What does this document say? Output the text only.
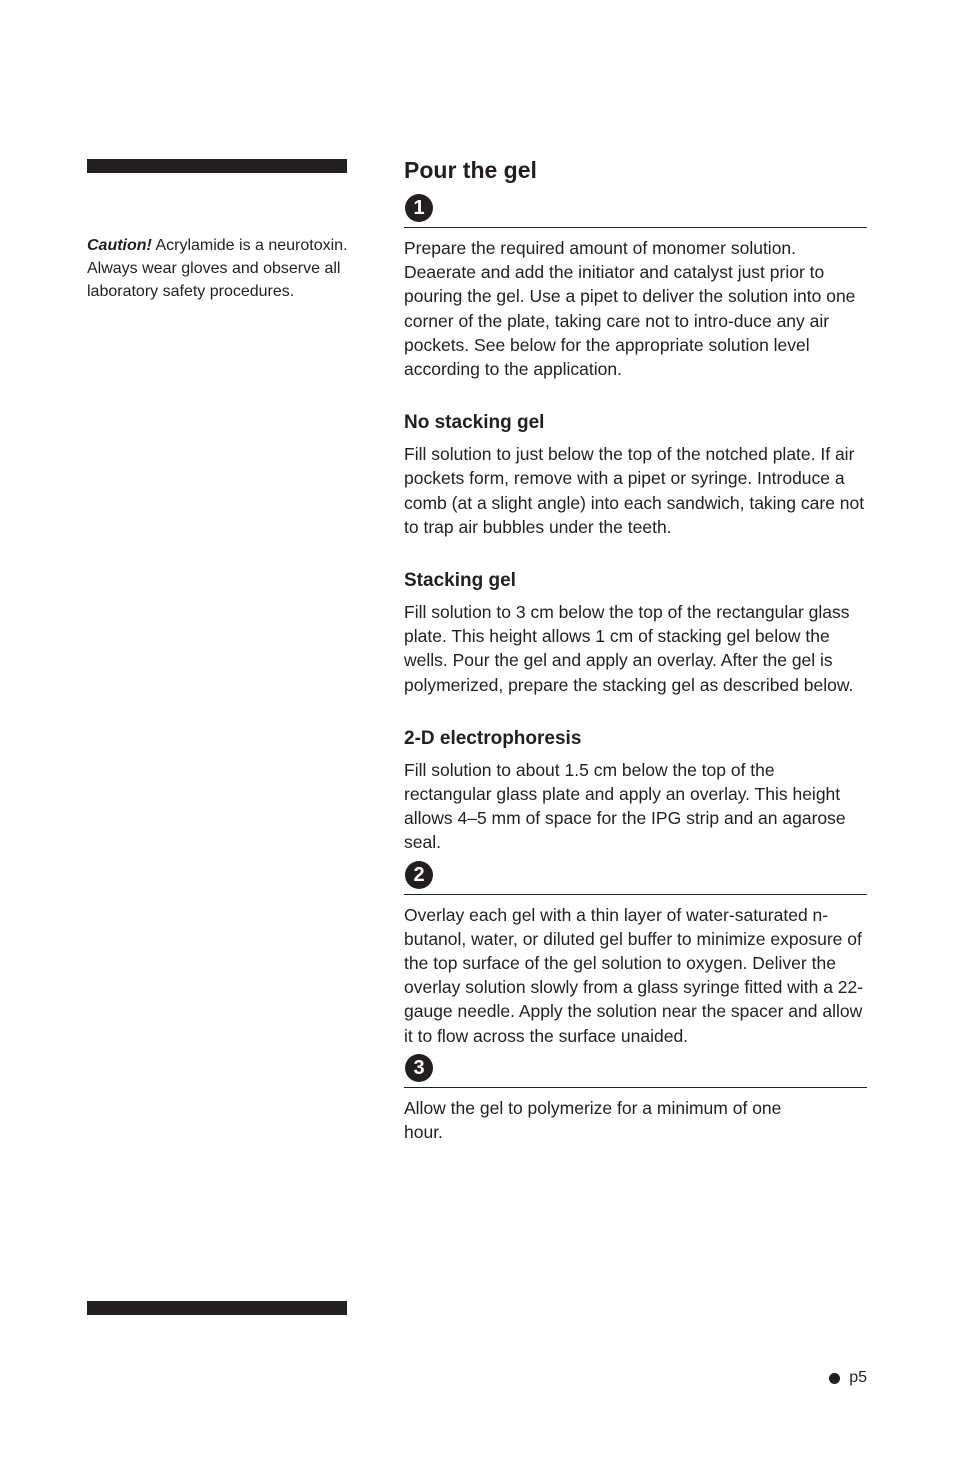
Caution! Acrylamide is a neurotoxin. Always wear gloves and observe all laboratory safety procedures.

Pour the gel
1

Prepare the required amount of monomer solution. Deaerate and add the initiator and catalyst just prior to pouring the gel. Use a pipet to deliver the solution into one corner of the plate, taking care not to intro-duce any air pockets. See below for the appropriate solution level according to the application.

No stacking gel

Fill solution to just below the top of the notched plate. If air pockets form, remove with a pipet or syringe. Introduce a comb (at a slight angle) into each sandwich, taking care not to trap air bubbles under the teeth.

Stacking gel

Fill solution to 3 cm below the top of the rectangular glass plate. This height allows 1 cm of stacking gel below the wells. Pour the gel and apply an overlay. After the gel is polymerized, prepare the stacking gel as described below.

2-D electrophoresis

Fill solution to about 1.5 cm below the top of the rectangular glass plate and apply an overlay. This height allows 4–5 mm of space for the IPG strip and an agarose seal.

2

Overlay each gel with a thin layer of water-saturated n-butanol, water, or diluted gel buffer to minimize exposure of the top surface of the gel solution to oxygen. Deliver the overlay solution slowly from a glass syringe fitted with a 22-gauge needle. Apply the solution near the spacer and allow it to flow across the surface unaided.

3

Allow the gel to polymerize for a minimum of one hour.

p5
